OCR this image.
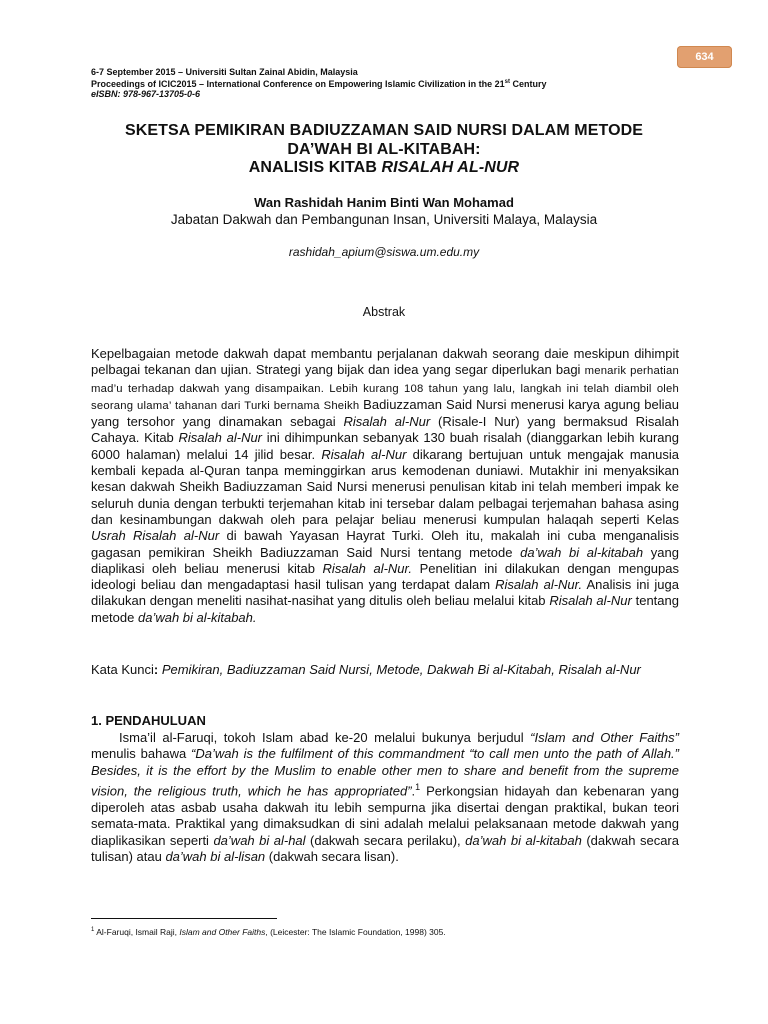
634
6-7 September 2015 – Universiti Sultan Zainal Abidin, Malaysia
Proceedings of ICIC2015 – International Conference on Empowering Islamic Civilization in the 21st Century
eISBN: 978-967-13705-0-6
SKETSA PEMIKIRAN BADIUZZAMAN SAID NURSI DALAM METODE
DA’WAH BI AL-KITABAH:
ANALISIS KITAB RISALAH AL-NUR
Wan Rashidah Hanim Binti Wan Mohamad
Jabatan Dakwah dan Pembangunan Insan, Universiti Malaya, Malaysia
rashidah_apium@siswa.um.edu.my
Abstrak
Kepelbagaian metode dakwah dapat membantu perjalanan dakwah seorang daie meskipun dihimpit pelbagai tekanan dan ujian. Strategi yang bijak dan idea yang segar diperlukan bagi menarik perhatian mad’u terhadap dakwah yang disampaikan. Lebih kurang 108 tahun yang lalu, langkah ini telah diambil oleh seorang ulama’ tahanan dari Turki bernama Sheikh Badiuzzaman Said Nursi menerusi karya agung beliau yang tersohor yang dinamakan sebagai Risalah al-Nur (Risale-I Nur) yang bermaksud Risalah Cahaya. Kitab Risalah al-Nur ini dihimpunkan sebanyak 130 buah risalah (dianggarkan lebih kurang 6000 halaman) melalui 14 jilid besar. Risalah al-Nur dikarang bertujuan untuk mengajak manusia kembali kepada al-Quran tanpa meminggirkan arus kemodenan duniawi. Mutakhir ini menyaksikan kesan dakwah Sheikh Badiuzzaman Said Nursi menerusi penulisan kitab ini telah memberi impak ke seluruh dunia dengan terbukti terjemahan kitab ini tersebar dalam pelbagai terjemahan bahasa asing dan kesinambungan dakwah oleh para pelajar beliau menerusi kumpulan halaqah seperti Kelas Usrah Risalah al-Nur di bawah Yayasan Hayrat Turki. Oleh itu, makalah ini cuba menganalisis gagasan pemikiran Sheikh Badiuzzaman Said Nursi tentang metode da’wah bi al-kitabah yang diaplikasi oleh beliau menerusi kitab Risalah al-Nur. Penelitian ini dilakukan dengan mengupas ideologi beliau dan mengadaptasi hasil tulisan yang terdapat dalam Risalah al-Nur. Analisis ini juga dilakukan dengan meneliti nasihat-nasihat yang ditulis oleh beliau melalui kitab Risalah al-Nur tentang metode da’wah bi al-kitabah.
Kata Kunci: Pemikiran, Badiuzzaman Said Nursi, Metode, Dakwah Bi al-Kitabah, Risalah al-Nur
1. PENDAHULUAN
Isma’il al-Faruqi, tokoh Islam abad ke-20 melalui bukunya berjudul “Islam and Other Faiths” menulis bahawa “Da’wah is the fulfilment of this commandment “to call men unto the path of Allah.” Besides, it is the effort by the Muslim to enable other men to share and benefit from the supreme vision, the religious truth, which he has appropriated”.$^1$ Perkongsian hidayah dan kebenaran yang diperoleh atas asbab usaha dakwah itu lebih sempurna jika disertai dengan praktikal, bukan teori semata-mata. Praktikal yang dimaksudkan di sini adalah melalui pelaksanaan metode dakwah yang diaplikasikan seperti da’wah bi al-hal (dakwah secara perilaku), da’wah bi al-kitabah (dakwah secara tulisan) atau da’wah bi al-lisan (dakwah secara lisan).
$^1$ Al-Faruqi, Ismail Raji, Islam and Other Faiths, (Leicester: The Islamic Foundation, 1998) 305.
